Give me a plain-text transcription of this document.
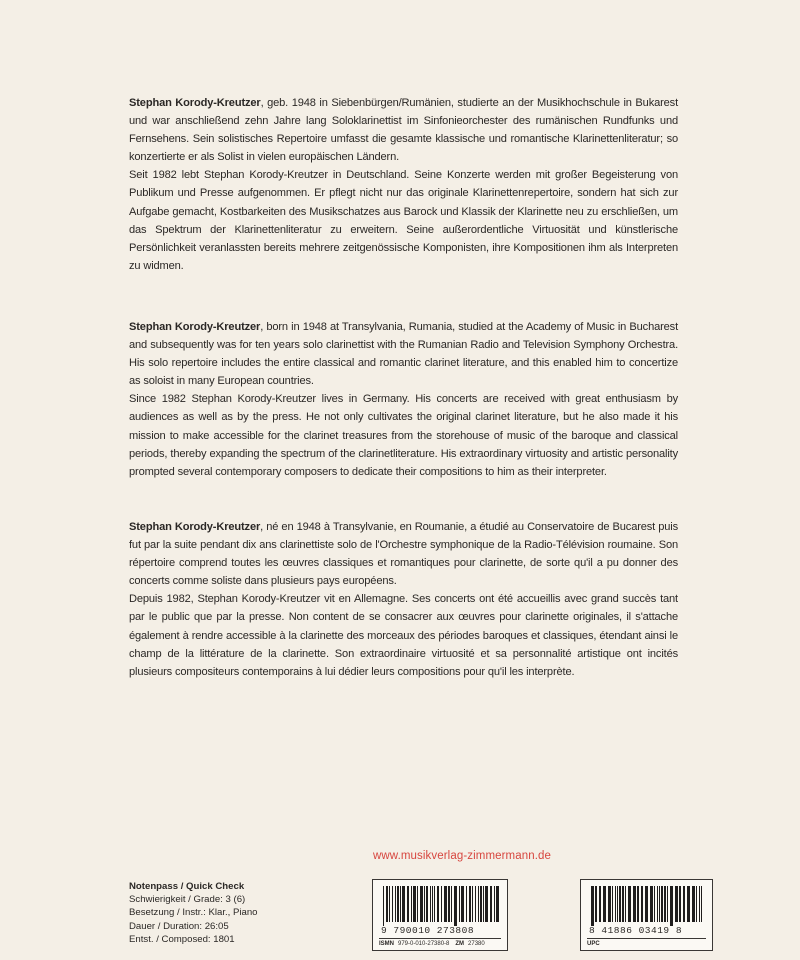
Stephan Korody-Kreutzer, geb. 1948 in Siebenbürgen/Rumänien, studierte an der Musikhochschule in Bukarest und war anschließend zehn Jahre lang Soloklarinettist im Sinfonieorchester des rumänischen Rundfunks und Fernsehens. Sein solistisches Repertoire umfasst die gesamte klassische und romantische Klarinettenliteratur; so konzertierte er als Solist in vielen europäischen Ländern.

Seit 1982 lebt Stephan Korody-Kreutzer in Deutschland. Seine Konzerte werden mit großer Begeisterung von Publikum und Presse aufgenommen. Er pflegt nicht nur das originale Klarinettenrepertoire, sondern hat sich zur Aufgabe gemacht, Kostbarkeiten des Musikschatzes aus Barock und Klassik der Klarinette neu zu erschließen, um das Spektrum der Klarinettenliteratur zu erweitern. Seine außerordentliche Virtuosität und künstlerische Persönlichkeit veranlassten bereits mehrere zeitgenössische Komponisten, ihre Kompositionen ihm als Interpreten zu widmen.

Stephan Korody-Kreutzer, born in 1948 at Transylvania, Rumania, studied at the Academy of Music in Bucharest and subsequently was for ten years solo clarinettist with the Rumanian Radio and Television Symphony Orchestra. His solo repertoire includes the entire classical and romantic clarinet literature, and this enabled him to concertize as soloist in many European countries.

Since 1982 Stephan Korody-Kreutzer lives in Germany. His concerts are received with great enthusiasm by audiences as well as by the press. He not only cultivates the original clarinet literature, but he also made it his mission to make accessible for the clarinet treasures from the storehouse of music of the baroque and classical periods, thereby expanding the spectrum of the clarinetliterature. His extraordinary virtuosity and artistic personality prompted several contemporary composers to dedicate their compositions to him as their interpreter.

Stephan Korody-Kreutzer, né en 1948 à Transylvanie, en Roumanie, a étudié au Conservatoire de Bucarest puis fut par la suite pendant dix ans clarinettiste solo de l'Orchestre symphonique de la Radio-Télévision roumaine. Son répertoire comprend toutes les œuvres classiques et romantiques pour clarinette, de sorte qu'il a pu donner des concerts comme soliste dans plusieurs pays européens.

Depuis 1982, Stephan Korody-Kreutzer vit en Allemagne. Ses concerts ont été accueillis avec grand succès tant par le public que par la presse. Non content de se consacrer aux œuvres pour clarinette originales, il s'attache également à rendre accessible à la clarinette des morceaux des périodes baroques et classiques, étendant ainsi le champ de la littérature de la clarinette. Son extraordinaire virtuosité et sa personnalité artistique ont incités plusieurs compositeurs contemporains à lui dédier leurs compositions pour qu'il les interprète.

www.musikverlag-zimmermann.de
Notenpass / Quick Check
Schwierigkeit / Grade: 3 (6)
Besetzung / Instr.: Klar., Piano
Dauer / Duration: 26:05
Entst. / Composed: 1801
9 790010 273808
ISMN 979-0-010-27380-8 ZM 27380
8 41886 03419 8
UPC
